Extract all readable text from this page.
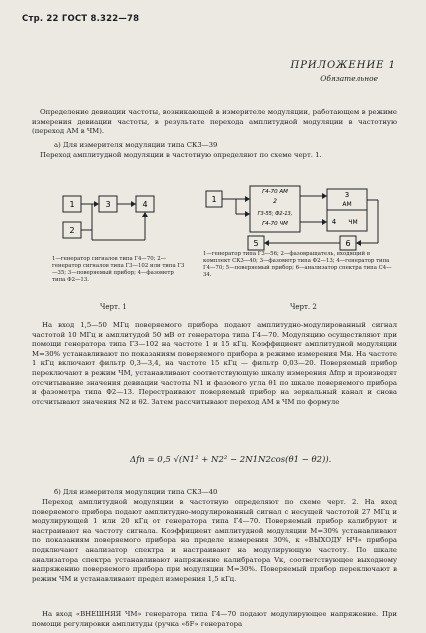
Стр. 22 ГОСТ 8.322—78
ПРИЛОЖЕНИЕ 1
Обязательное
Определение девиации частоты, возникающей в измерителе модуляции, работающем в режиме измерения девиации частоты, в результате перехода амплитудной модуляции в частотную (переход АМ в ЧМ).
а) Для измерителя модуляции типа СК3—39
Переход амплитудной модуляции в частотную определяют по схеме черт. 1.
1	3	4
2
Г4-70 АМ
2
Г3-55; Ф2-13,
Г4-70 ЧМ
1	3
АМ
4 ЧМ
5	6
1—генератор сигналов типа Г4—70; 2—генератор сигналов типа Г3—102 или типа Г3—35; 3—поверяемый прибор; 4—фазометр типа Ф2—13.
1—генератор типа Г3—56; 2—фазовращатель, входящий в комплект СК3—40; 3—фазометр типа Ф2—13; 4—генератор типа Г4—70; 5—поверяемый прибор; 6—анализатор спектра типа С4—34.
Черт. 1	Черт. 2
На вход 1,5—50 МГц поверяемого прибора подают амплитудно-модулированный сигнал частотой 10 МГц и амплитудой 50 мВ от генератора типа Г4—70. Модуляцию осуществляют при помощи генератора типа Г3—102 на частоте 1 и 15 кГц. Коэффициент амплитудной модуляции М=30% устанавливают по показаниям поверяемого прибора в режиме измерения Мн. На частоте 1 кГц включают фильтр 0,3—3,4, на частоте 15 кГц — фильтр 0,03—20. Поверяемый прибор переключают в режим ЧМ, устанавливают соответствующую шкалу измерения Δfпр и производят отсчитывание значения девиации частоты N1 и фазового угла θ1 по шкале поверяемого прибора и фазометра типа Ф2—13. Перестраивают поверяемый прибор на зеркальный канал и снова отсчитывают значения N2 и θ2. Затем рассчитывают переход АМ в ЧМ по формуле
Δfп = 0,5 √(N1² + N2² − 2N1N2cos(θ1 − θ2)).
б) Для измерителя модуляции типа СК3—40
Переход амплитудной модуляции в частотную определяют по схеме черт. 2. На вход поверяемого прибора подают амплитудно-модулированный сигнал с несущей частотой 27 МГц и модулирующей 1 или 20 кГц от генератора типа Г4—70. Поверяемый прибор калибруют и настраивают на частоту сигнала. Коэффициент амплитудной модуляции М=30% устанавливают по показаниям поверяемого прибора на пределе измерения 30%, к «ВЫХОДУ НЧ» прибора подключают анализатор спектра и настраивают на модулирующую частоту. По шкале анализатора спектра устанавливают напряжение калибратора Vк, соответствующее выходному напряжению поверяемого прибора при модуляции М=30%. Поверяемый прибор переключают в режим ЧМ и устанавливают предел измерения 1,5 кГц.
На вход «ВНЕШНЯЯ ЧМ» генератора типа Г4—70 подают модулирующее напряжение. При помощи регулировки амплитуды (ручка «δF» генератора
